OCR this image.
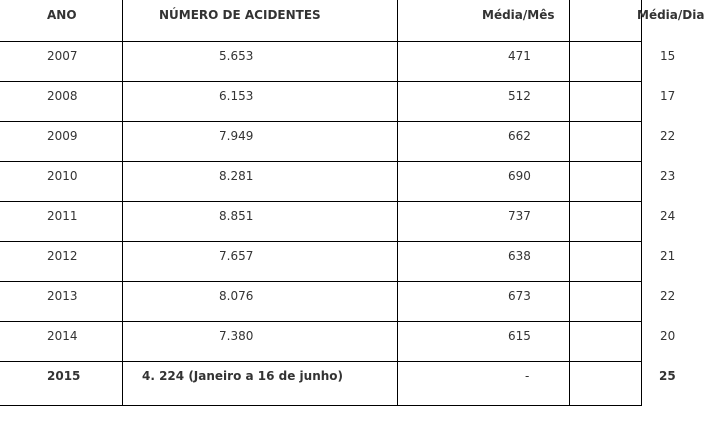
ANO	NÚMERO DE ACIDENTES	Média/Mês	Média/Dia
2007	5.653	471	15
2008	6.153	512	17
2009	7.949	662	22
2010	8.281	690	23
2011	8.851	737	24
2012	7.657	638	21
2013	8.076	673	22
2014	7.380	615	20
2015	4. 224 (Janeiro a 16 de junho)	-	25
